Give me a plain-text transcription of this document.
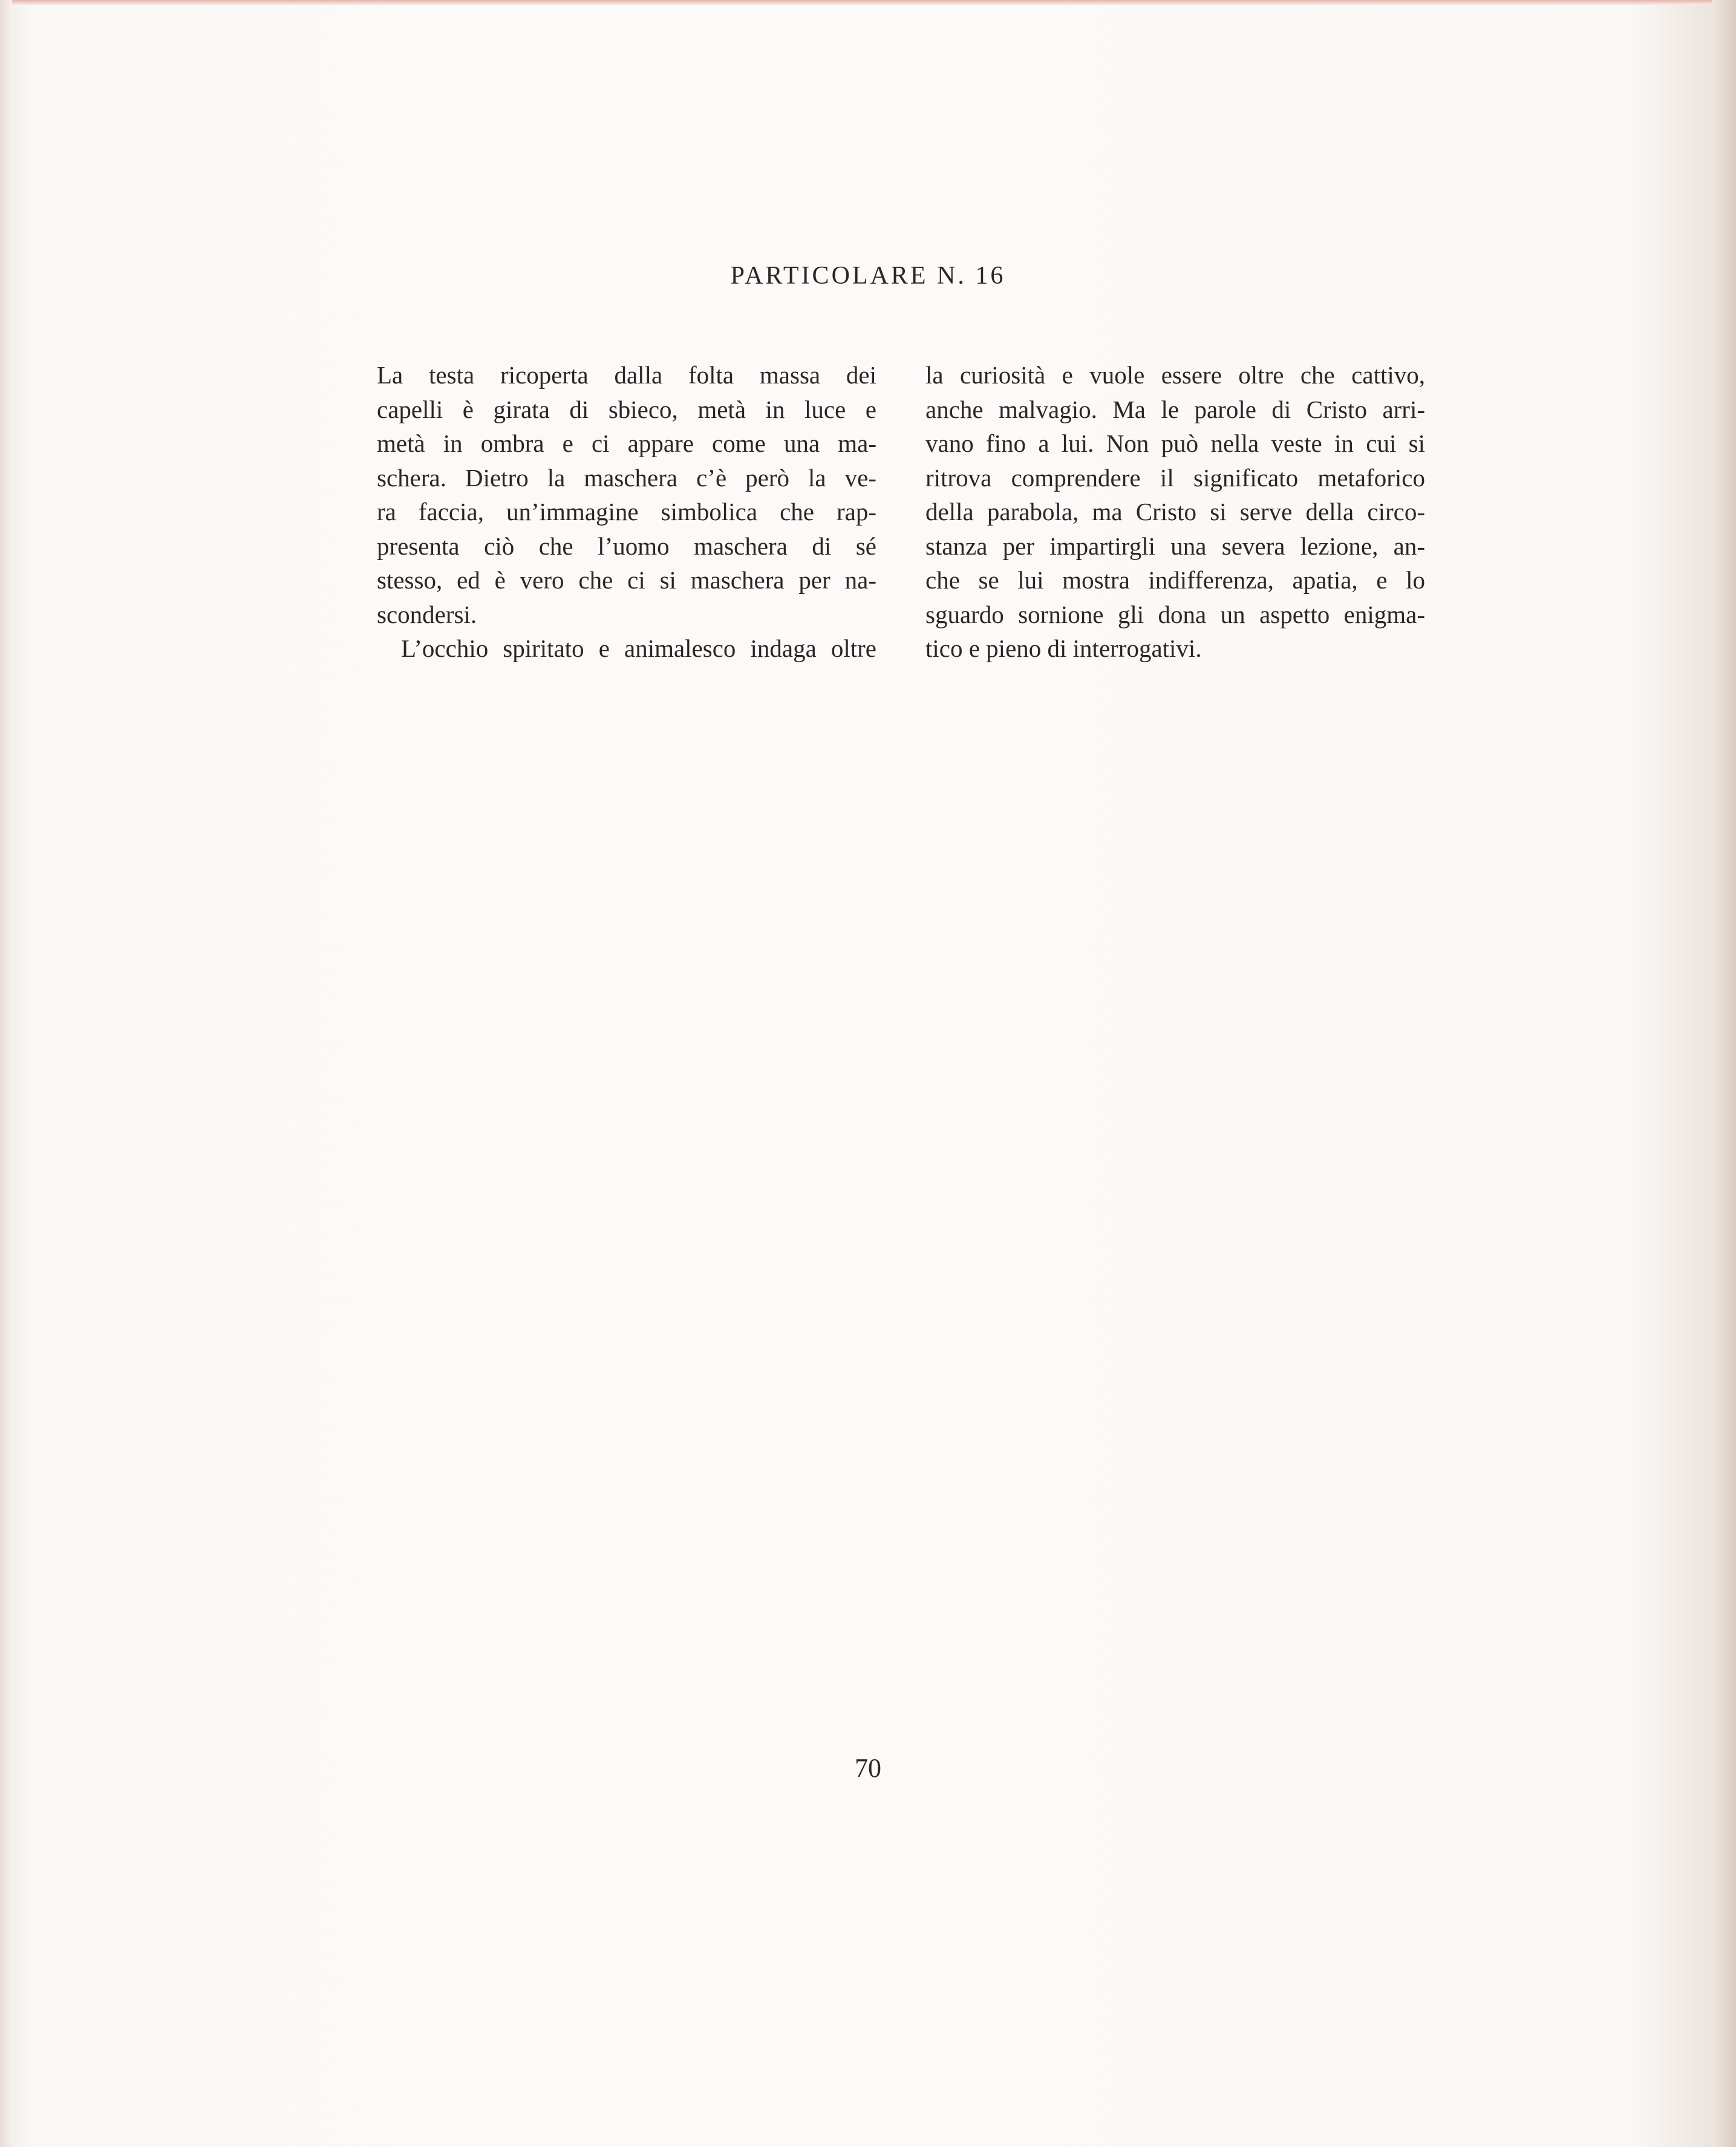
PARTICOLARE N. 16
La testa ricoperta dalla folta massa dei
capelli è girata di sbieco, metà in luce e
metà in ombra e ci appare come una ma-
schera. Dietro la maschera c’è però la ve-
ra faccia, un’immagine simbolica che rap-
presenta ciò che l’uomo maschera di sé
stesso, ed è vero che ci si maschera per na-
scondersi.
L’occhio spiritato e animalesco indaga oltre
la curiosità e vuole essere oltre che cattivo,
anche malvagio. Ma le parole di Cristo arri-
vano fino a lui. Non può nella veste in cui si
ritrova comprendere il significato metaforico
della parabola, ma Cristo si serve della circo-
stanza per impartirgli una severa lezione, an-
che se lui mostra indifferenza, apatia, e lo
sguardo sornione gli dona un aspetto enigma-
tico e pieno di interrogativi.
70
